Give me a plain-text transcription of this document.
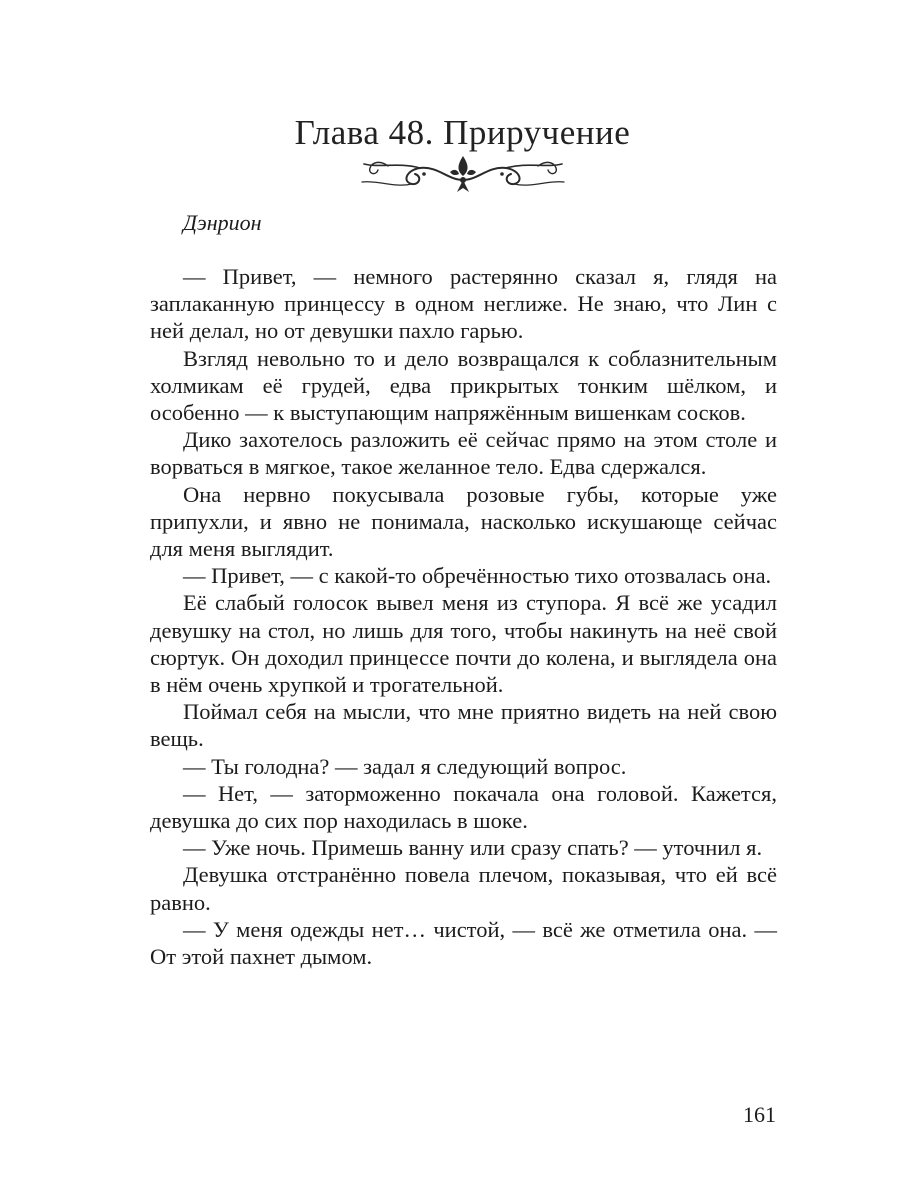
Глава 48. Приручение

Дэнрион

— Привет, — немного растерянно сказал я, глядя на заплаканную принцессу в одном неглиже. Не знаю, что Лин с ней делал, но от девушки пахло гарью.

Взгляд невольно то и дело возвращался к соблазнительным холмикам её грудей, едва прикрытых тонким шёлком, и особенно — к выступающим напряжённым вишенкам сосков.

Дико захотелось разложить её сейчас прямо на этом столе и ворваться в мягкое, такое желанное тело. Едва сдержался.

Она нервно покусывала розовые губы, которые уже припухли, и явно не понимала, насколько искушающе сейчас для меня выглядит.

— Привет, — с какой-то обречённостью тихо отозвалась она.

Её слабый голосок вывел меня из ступора. Я всё же усадил девушку на стол, но лишь для того, чтобы накинуть на неё свой сюртук. Он доходил принцессе почти до колена, и выглядела она в нём очень хрупкой и трогательной.

Поймал себя на мысли, что мне приятно видеть на ней свою вещь.

— Ты голодна? — задал я следующий вопрос.

— Нет, — заторможенно покачала она головой. Кажется, девушка до сих пор находилась в шоке.

— Уже ночь. Примешь ванну или сразу спать? — уточнил я.

Девушка отстранённо повела плечом, показывая, что ей всё равно.

— У меня одежды нет… чистой, — всё же отметила она. — От этой пахнет дымом.

161
